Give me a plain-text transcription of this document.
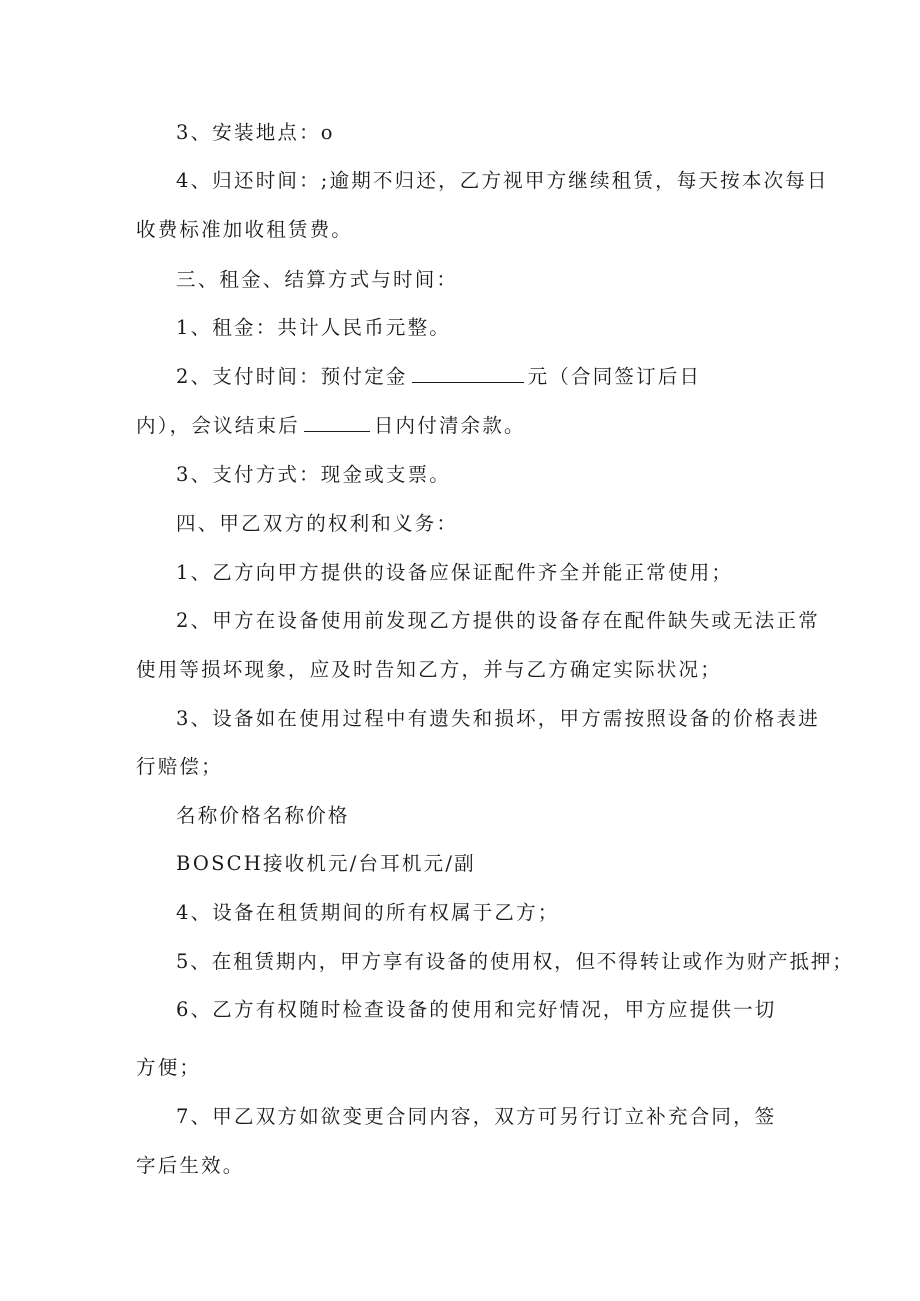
3、安装地点：o
4、归还时间：;逾期不归还，乙方视甲方继续租赁，每天按本次每日
收费标准加收租赁费。
三、租金、结算方式与时间：
1、租金：共计人民币元整。
2、支付时间：预付定金	元（合同签订后日
内），会议结束后	日内付清余款。
3、支付方式：现金或支票。
四、甲乙双方的权利和义务：
1、乙方向甲方提供的设备应保证配件齐全并能正常使用；
2、甲方在设备使用前发现乙方提供的设备存在配件缺失或无法正常
使用等损坏现象，应及时告知乙方，并与乙方确定实际状况；
3、设备如在使用过程中有遗失和损坏，甲方需按照设备的价格表进
行赔偿；
名称价格名称价格
BOSCH接收机元/台耳机元/副
4、设备在租赁期间的所有权属于乙方；
5、在租赁期内，甲方享有设备的使用权，但不得转让或作为财产抵押；
6、乙方有权随时检查设备的使用和完好情况，甲方应提供一切
方便；
7、甲乙双方如欲变更合同内容，双方可另行订立补充合同，签
字后生效。
